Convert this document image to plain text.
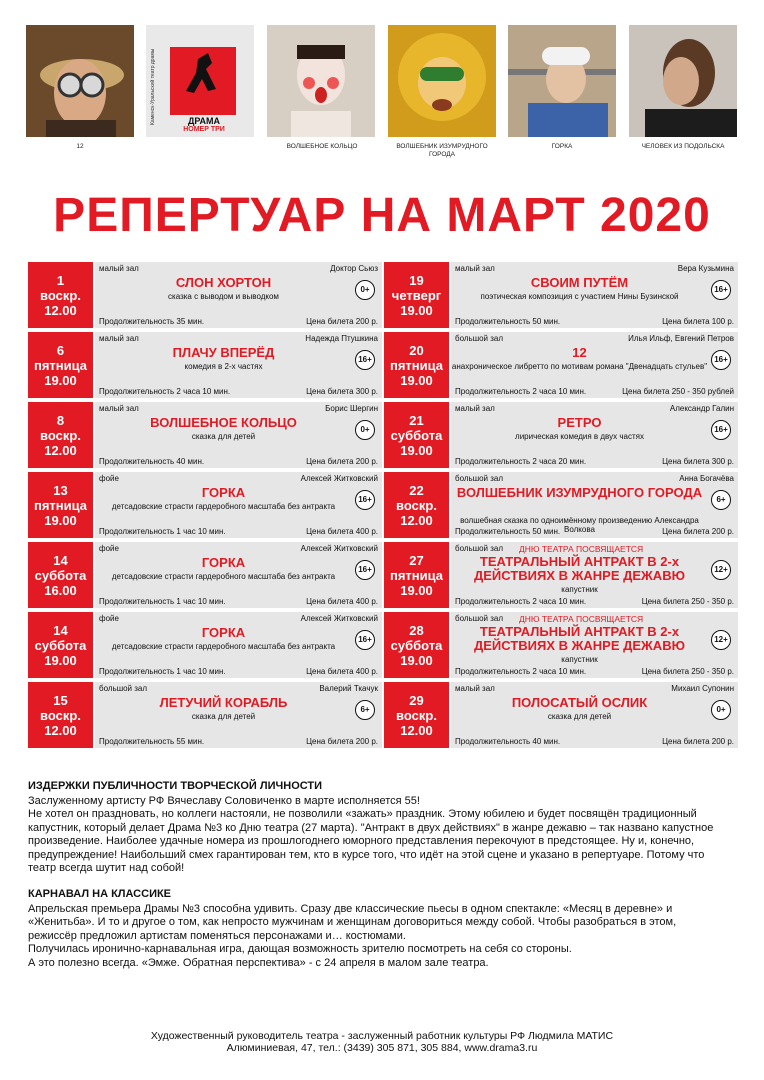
Каменск-Уральский театр драмы	ДРАМА
НОМЕР ТРИ
12	ВОЛШЕБНОЕ КОЛЬЦО	ВОЛШЕБНИК ИЗУМРУДНОГО ГОРОДА
ГОРКА	ЧЕЛОВЕК ИЗ ПОДОЛЬСКА
РЕПЕРТУАР НА МАРТ 2020
1
воскр.
12.00
малый зал	Доктор Сьюз
СЛОН ХОРТОН
сказка с выводом и выводком
0+
Продолжительность 35 мин.	Цена билета 200 р.
6
пятница
19.00
малый зал	Надежда Птушкина
ПЛАЧУ ВПЕРЁД
комедия в 2-х частях
16+
Продолжительность 2 часа 10 мин.	Цена билета 300 р.
8
воскр.
12.00
малый зал	Борис Шергин
ВОЛШЕБНОЕ КОЛЬЦО
сказка для детей
0+
Продолжительность 40 мин.	Цена билета 200 р.
13
пятница
19.00
фойе	Алексей Житковский
ГОРКА
детсадовские страсти гардеробного масштаба без антракта
16+
Продолжительность 1 час 10 мин.	Цена билета 400 р.
14
суббота
16.00
фойе	Алексей Житковский
ГОРКА
детсадовские страсти гардеробного масштаба без антракта
16+
Продолжительность 1 час 10 мин.	Цена билета 400 р.
14
суббота
19.00
фойе	Алексей Житковский
ГОРКА
детсадовские страсти гардеробного масштаба без антракта
16+
Продолжительность 1 час 10 мин.	Цена билета 400 р.
15
воскр.
12.00
большой зал	Валерий Ткачук
ЛЕТУЧИЙ КОРАБЛЬ
сказка для детей
6+
Продолжительность 55 мин.	Цена билета 200 р.
19
четверг
19.00
малый зал	Вера Кузьмина
СВОИМ ПУТЁМ
поэтическая композиция с участием Нины Бузинской
16+
Продолжительность 50 мин.	Цена билета 100 р.
20
пятница
19.00
большой зал	Илья Ильф, Евгений Петров
12
анахроническое либретто по мотивам романа "Двенадцать стульев"
16+
Продолжительность 2 часа 10 мин.	Цена билета 250 - 350 рублей
21
суббота
19.00
малый зал	Александр Галин
РЕТРО
лирическая комедия в двух частях
16+
Продолжительность 2 часа 20 мин.	Цена билета 300 р.
22
воскр.
12.00
большой зал	Анна Богачёва
ВОЛШЕБНИК ИЗУМРУДНОГО ГОРОДА
волшебная сказка по одноимённому произведению Александра Волкова
6+
Продолжительность 50 мин.	Цена билета 200 р.
27
пятница
19.00
большой зал ДНЮ ТЕАТРА ПОСВЯЩАЕТСЯ
ТЕАТРАЛЬНЫЙ АНТРАКТ В 2-х ДЕЙСТВИЯХ В ЖАНРЕ ДЕЖАВЮ
капустник
12+
Продолжительность 2 часа 10 мин.	Цена билета 250 - 350 р.
28
суббота
19.00
большой зал ДНЮ ТЕАТРА ПОСВЯЩАЕТСЯ
ТЕАТРАЛЬНЫЙ АНТРАКТ В 2-х ДЕЙСТВИЯХ В ЖАНРЕ ДЕЖАВЮ
капустник
12+
Продолжительность 2 часа 10 мин.	Цена билета 250 - 350 р.
29
воскр.
12.00
малый зал	Михаил Супонин
ПОЛОСАТЫЙ ОСЛИК
сказка для детей
0+
Продолжительность 40 мин.	Цена билета 200 р.
ИЗДЕРЖКИ ПУБЛИЧНОСТИ ТВОРЧЕСКОЙ ЛИЧНОСТИ

Заслуженному артисту РФ Вячеславу Соловиченко в марте исполняется 55!

Не хотел он праздновать, но коллеги настояли, не позволили «зажать» праздник. Этому юбилею и будет посвящён традиционный капустник, который делает Драма №3 ко Дню театра (27 марта). "Антракт в двух действиях" в жанре дежавю – так названо капустное произведение. Наиболее удачные номера из прошлогоднего юморного представления перекочуют в предстоящее. Ну и, конечно, предупреждение! Наибольший смех гарантирован тем, кто в курсе того, что идёт на этой сцене и указано в репертуаре. Потому что театр всегда шутит над собой!

КАРНАВАЛ НА КЛАССИКЕ

Апрельская премьера Драмы №3 способна удивить. Сразу две классические пьесы в одном спектакле: «Месяц в деревне» и «Женитьба». И то и другое о том, как непросто мужчинам и женщинам договориться между собой. Чтобы разобраться в этом, режиссёр предложил артистам поменяться персонажами и… костюмами.

Получилась иронично-карнавальная игра, дающая возможность зрителю посмотреть на себя со стороны.

А это полезно всегда. «Эмже. Обратная перспектива» - с 24 апреля в малом зале театра.

Художественный руководитель театра - заслуженный работник культуры РФ Людмила МАТИС
Алюминиевая, 47, тел.: (3439) 305 871, 305 884, www.drama3.ru
